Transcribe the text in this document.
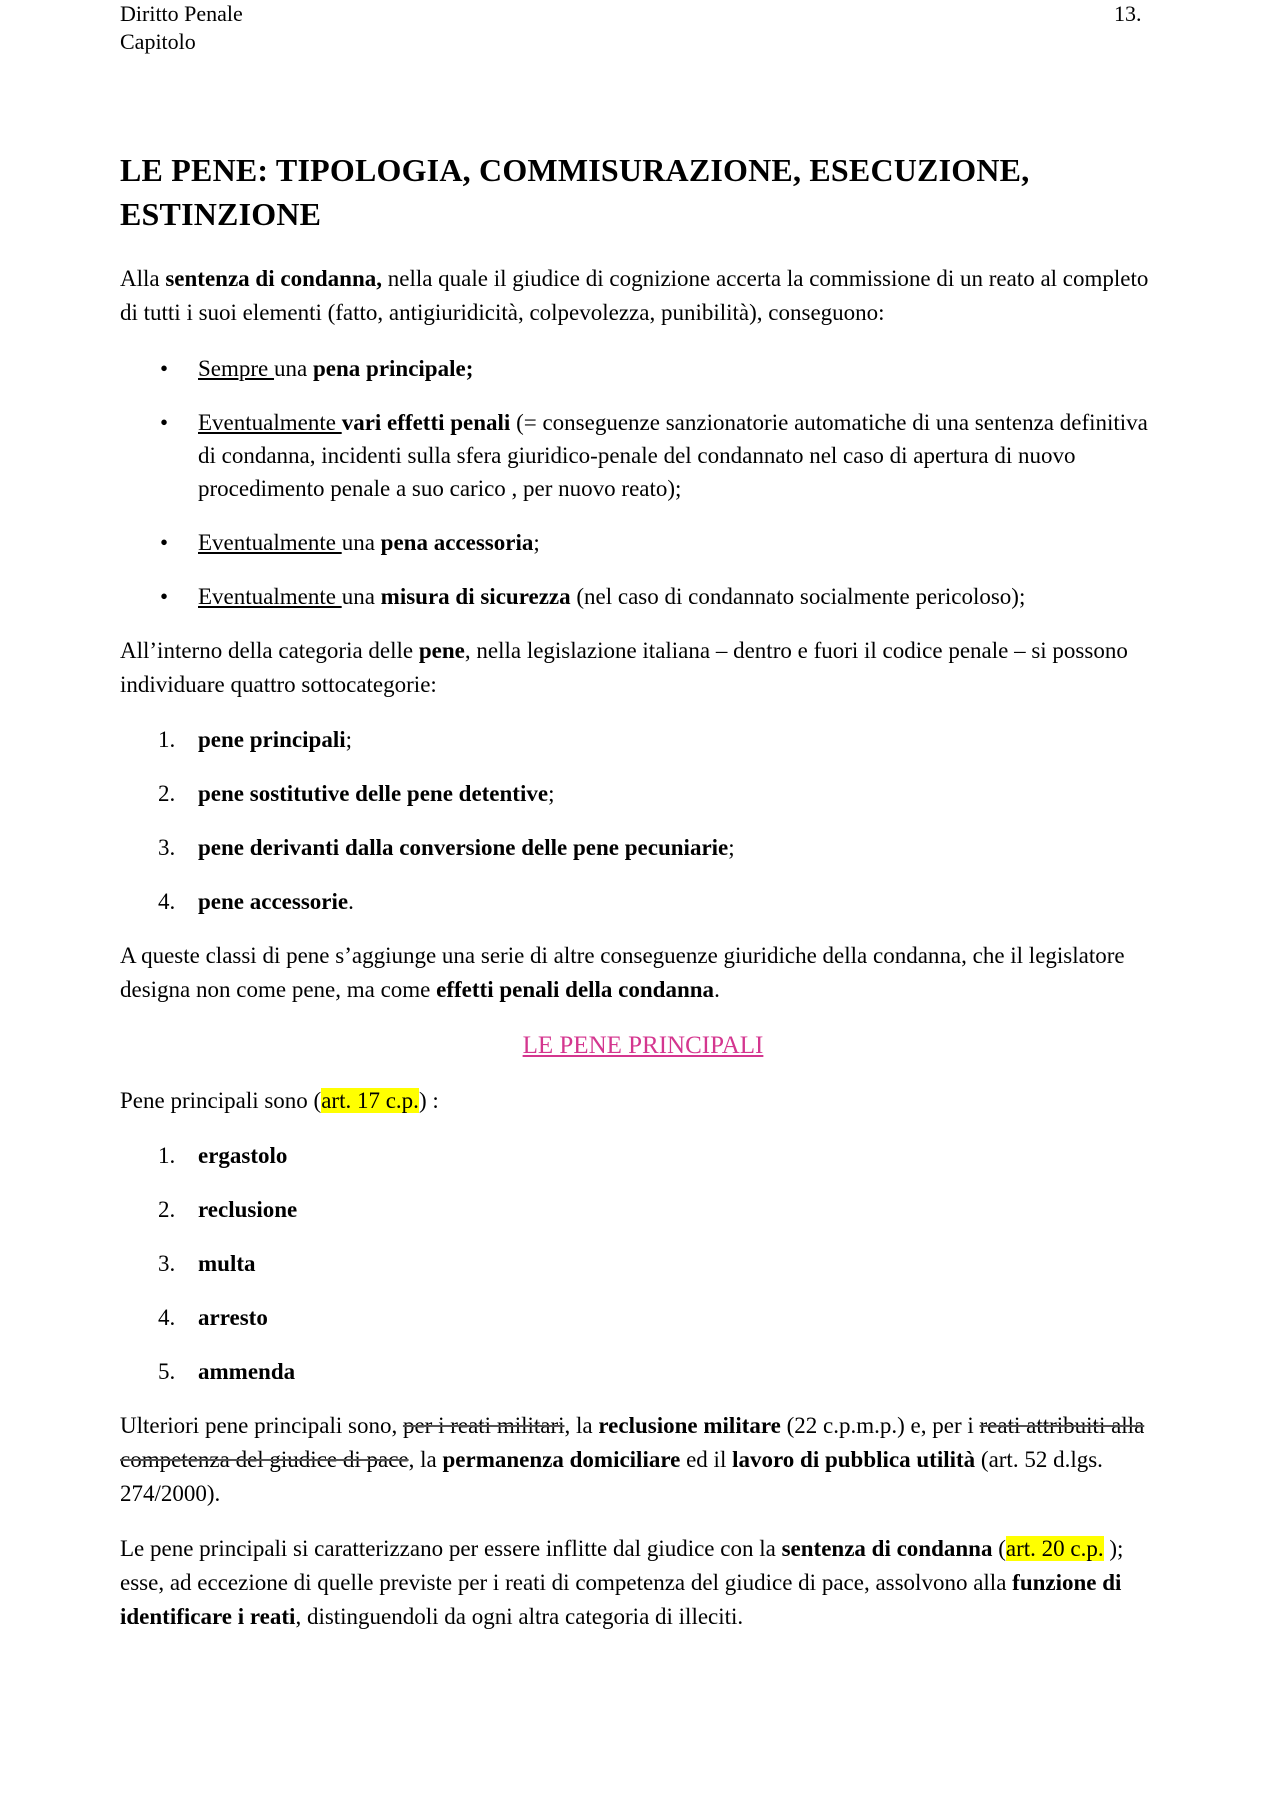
Diritto Penale
Capitolo
13.
LE PENE: TIPOLOGIA, COMMISURAZIONE, ESECUZIONE, ESTINZIONE

Alla sentenza di condanna, nella quale il giudice di cognizione accerta la commissione di un reato al completo di tutti i suoi elementi (fatto, antigiuridicità, colpevolezza, punibilità), conseguono:

• Sempre una pena principale;
• Eventualmente vari effetti penali (= conseguenze sanzionatorie automatiche di una sentenza definitiva di condanna, incidenti sulla sfera giuridico-penale del condannato nel caso di apertura di nuovo procedimento penale a suo carico , per nuovo reato);
• Eventualmente una pena accessoria;
• Eventualmente una misura di sicurezza (nel caso di condannato socialmente pericoloso);

All’interno della categoria delle pene, nella legislazione italiana – dentro e fuori il codice penale – si possono individuare quattro sottocategorie:

1. pene principali;
2. pene sostitutive delle pene detentive;
3. pene derivanti dalla conversione delle pene pecuniarie;
4. pene accessorie.

A queste classi di pene s’aggiunge una serie di altre conseguenze giuridiche della condanna, che il legislatore designa non come pene, ma come effetti penali della condanna.

LE PENE PRINCIPALI

Pene principali sono (art. 17 c.p.) :

1. ergastolo
2. reclusione
3. multa
4. arresto
5. ammenda

Ulteriori pene principali sono, per i reati militari, la reclusione militare (22 c.p.m.p.) e, per i reati attribuiti alla competenza del giudice di pace, la permanenza domiciliare ed il lavoro di pubblica utilità (art. 52 d.lgs. 274/2000).

Le pene principali si caratterizzano per essere inflitte dal giudice con la sentenza di condanna (art. 20 c.p. ); esse, ad eccezione di quelle previste per i reati di competenza del giudice di pace, assolvono alla funzione di identificare i reati, distinguendoli da ogni altra categoria di illeciti.
